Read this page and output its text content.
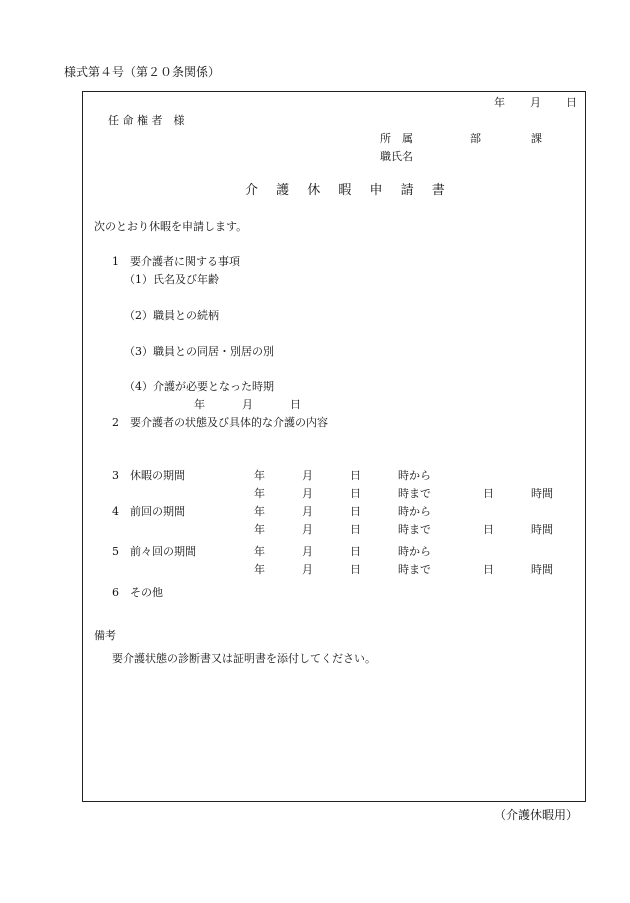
様式第４号（第２０条関係）
年 月 日
任 命 権 者　様
所　属	部	課
職氏名
介 護 休 暇 申 請 書
次のとおり休暇を申請します。
1　要介護者に関する事項
（1）氏名及び年齢
（2）職員との続柄
（3）職員との同居・別居の別
（4）介護が必要となった時期
年	月	日
2　要介護者の状態及び具体的な介護の内容
3　休暇の期間	年	月	日	時から
年	月	日	時まで	日	時間
4　前回の期間	年	月	日	時から
年	月	日	時まで	日	時間
5　前々回の期間	年	月	日	時から
年	月	日	時まで	日	時間
6　その他
備考
要介護状態の診断書又は証明書を添付してください。
（介護休暇用）
